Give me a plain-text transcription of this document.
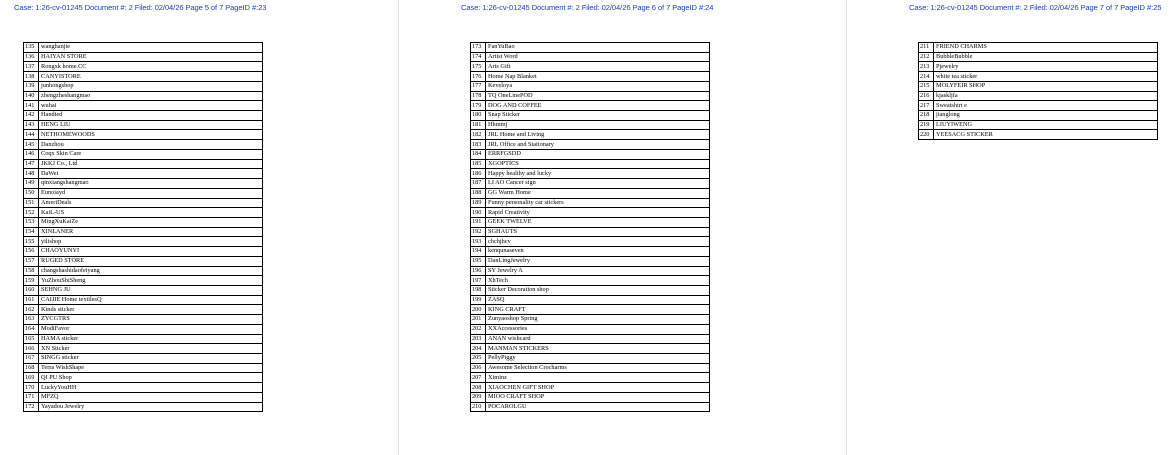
Case: 1:26-cv-01245 Document #: 2 Filed: 02/04/26 Page 5 of 7 PageID #:23
135	wanghanjie
136	HAIYAN STORE
137	Rongxk home.CC
138	CANYISTORE
139	junhongshop
140	zhengzheshangmao
141	wuhai
142	Handied
143	HENG LIU
144	NETHOMEWOODS
145	Danzhou
146	Coqx Skin Care
147	JKKJ Co., Ltd
148	DaWei
149	qinxiangshangmao
150	Eunoiayd
151	AmeriDeals
152	KaiL-US
153	MingXuKaiZe
154	XINLANER
155	yilishop
156	CHAOYUNYI
157	RUGED STORE
158	changshashidaofeiyang
159	YuZhouShiSheng
160	SEHNG JU
161	CAIJIE Home textilesQ
162	Kinds sticker
163	ZYCGTRS
164	ModiFavor
165	HAMA sticker
166	XN Sticker
167	SINGG sticker
168	Terra WishShape
169	QI PU Shop
170	LuckyYouHH
171	MFZQ
172	Yayadou Jewelry
Case: 1:26-cv-01245 Document #: 2 Filed: 02/04/26 Page 6 of 7 PageID #:24
173	FanYuBao
174	Artist Word
175	Arts Gift
176	Home Nap Blanket
177	Keveloya
178	TQ OneLinePOD
179	DOG AND COFFEE
180	Snap Sticker
181	Hhmmj
182	JRL Home and Living
183	JRL Office and Stationary
184	ERRFGSDD
185	XGOPTICS
186	Happy healthy and lucky
187	LI AO Cancer sign
188	GG Warm Home
189	Funny personality car stickers
190	Rapid Creativity
191	GEEK TWELVE
192	SGHAUTS
193	chchjhcv
194	kenqunaseven
195	DanLingJewelry
196	SY Jewelry A
197	XhTech
198	Sticker Decoration shop
199	ZASQ
200	KING CRAFT
201	Zunyaoshop Spring
202	XXAccessories
203	ANAN wishcard
204	MANMAN STICKERS
205	PellyPiggy
206	Awesome Selection Crocharms
207	Ximinz
208	XIAOCHEN GIFT SHOP
209	MIOO CRAFT SHOP
210	POCAROLGU
Case: 1:26-cv-01245 Document #: 2 Filed: 02/04/26 Page 7 of 7 PageID #:25
211	FRIEND CHARMS
212	BubbleBubble
213	Pjewelry
214	white tea sticker
215	MOLYFEIR SHOP
216	kjaskljfa
217	Sweatshirt e
218	jianglong
219	LIUYIWENG
220	YEESACG STICKER
